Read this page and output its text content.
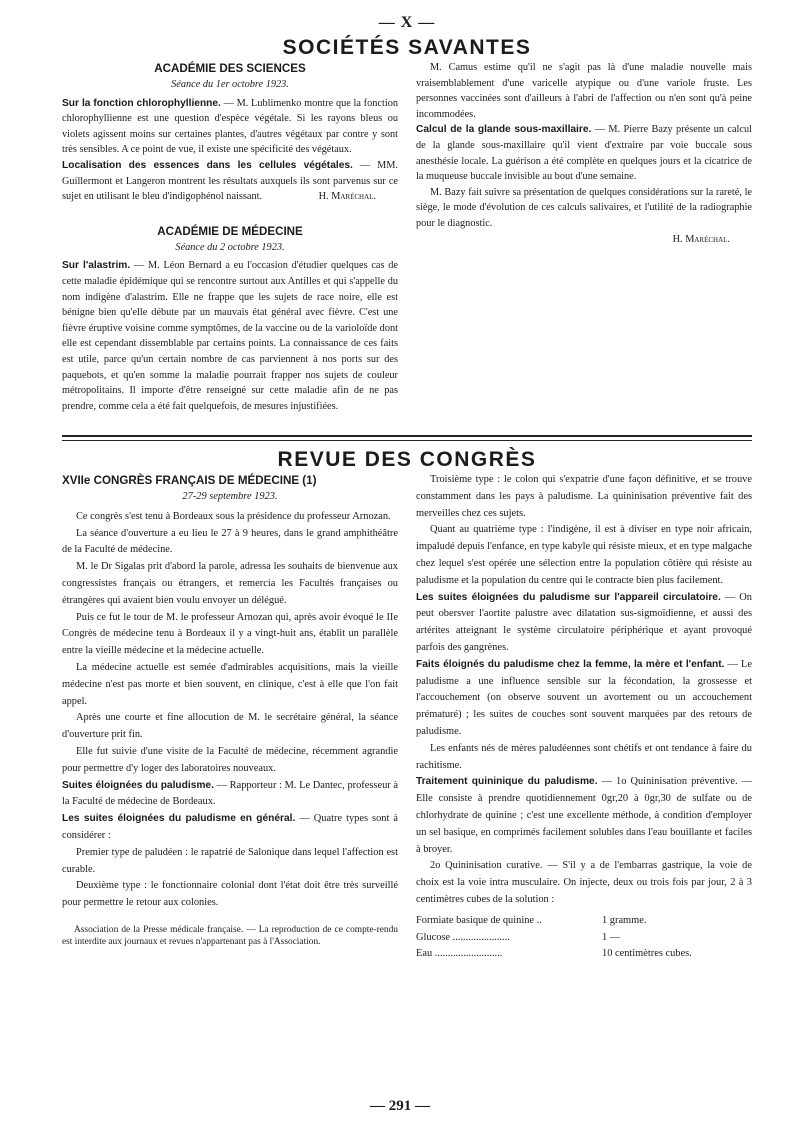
— X —
SOCIÉTÉS SAVANTES
ACADÉMIE DES SCIENCES
Séance du 1er octobre 1923.

Sur la fonction chlorophyllienne. — M. Lublimenko montre que la fonction chlorophyllienne est une question d'espèce végétale. Si les rayons bleus ou violets agissent moins sur certaines plantes, d'autres végétaux par contre y sont très sensibles. A ce point de vue, il existe une spécificité des végétaux.

Localisation des essences dans les cellules végétales. — MM. Guillermont et Langeron montrent les résultats auxquels ils sont parvenus sur ce sujet en utilisant le bleu d'indigophénol naissant.	H. Maréchal.

ACADÉMIE DE MÉDECINE
Séance du 2 octobre 1923.

Sur l'alastrim. — M. Léon Bernard a eu l'occasion d'étudier quelques cas de cette maladie épidémique qui se rencontre surtout aux Antilles et qui s'appelle du nom indigène d'alastrim. Elle ne frappe que les sujets de race noire, elle est bénigne bien qu'elle débute par un mauvais état général avec fièvre. C'est une fièvre éruptive voisine comme symptômes, de la vaccine ou de la varioloïde dont elle est cependant dissemblable par certains points. La connaissance de ces faits est utile, parce qu'un certain nombre de cas parviennent à nos ports sur des paquebots, et qu'en somme la maladie pourrait frapper nos sujets de couleur métropolitains. Il importe d'être renseigné sur cette maladie afin de ne pas prendre, comme cela a été fait quelquefois, de mesures injustifiées.

M. Camus estime qu'il ne s'agit pas là d'une maladie nouvelle mais vraisemblablement d'une varicelle atypique ou d'une variole fruste. Les personnes vaccinées sont d'ailleurs à l'abri de l'affection ou n'en sont qu'à peine incommodées.

Calcul de la glande sous-maxillaire. — M. Pierre Bazy présente un calcul de la glande sous-maxillaire qu'il vient d'extraire par voie buccale sous anesthésie locale. La guérison a été complète en quelques jours et la cicatrice de la muqueuse buccale invisible au bout d'une semaine.

M. Bazy fait suivre sa présentation de quelques considérations sur la rareté, le siège, le mode d'évolution de ces calculs salivaires, et l'utilité de la radiographie pour le diagnostic.

H. Maréchal.
REVUE DES CONGRÈS
XVIIe CONGRÈS FRANÇAIS DE MÉDECINE (1)
27-29 septembre 1923.

Ce congrès s'est tenu à Bordeaux sous la présidence du professeur Arnozan.

La séance d'ouverture a eu lieu le 27 à 9 heures, dans le grand amphithéâtre de la Faculté de médecine.

M. le Dr Sigalas prit d'abord la parole, adressa les souhaits de bienvenue aux congressistes français ou étrangers, et remercia les Facultés françaises ou étrangères qui avaient bien voulu envoyer un délégué.

Puis ce fut le tour de M. le professeur Arnozan qui, après avoir évoqué le IIe Congrès de médecine tenu à Bordeaux il y a vingt-huit ans, établit un parallèle entre la vieille médecine et la médecine actuelle.

La médecine actuelle est semée d'admirables acquisitions, mais la vieille médecine n'est pas morte et bien souvent, en clinique, c'est à elle que l'on fait appel.

Après une courte et fine allocution de M. le secrétaire général, la séance d'ouverture prit fin.

Elle fut suivie d'une visite de la Faculté de médecine, récemment agrandie pour permettre d'y loger des laboratoires nouveaux.

Suites éloignées du paludisme. — Rapporteur : M. Le Dantec, professeur à la Faculté de médecine de Bordeaux.

Les suites éloignées du paludisme en général. — Quatre types sont à considérer :

Premier type de paludéen : le rapatrié de Salonique dans lequel l'affection est curable.

Deuxième type : le fonctionnaire colonial dont l'état doit être très surveillé pour permettre le retour aux colonies.

Association de la Presse médicale française. — La reproduction de ce compte-rendu est interdite aux journaux et revues n'appartenant pas à l'Association.

Troisième type : le colon qui s'expatrie d'une façon définitive, et se trouve constamment dans les pays à paludisme. La quininisation préventive fait des merveilles chez ces sujets.

Quant au quatrième type : l'indigène, il est à diviser en type noir africain, impaludé depuis l'enfance, en type kabyle qui résiste mieux, et en type malgache chez lequel s'est opérée une sélection entre la population côtière qui résiste au paludisme et la population du centre qui le contracte bien plus facilement.

Les suites éloignées du paludisme sur l'appareil circulatoire. — On peut obersver l'aortite palustre avec dilatation sus-sigmoïdienne, et aussi des artérites atteignant le système circulatoire périphérique et ayant provoqué parfois des gangrènes.

Faits éloignés du paludisme chez la femme, la mère et l'enfant. — Le paludisme a une influence sensible sur la fécondation, la grossesse et l'accouchement (on observe souvent un avortement ou un accouchement prématuré) ; les suites de couches sont souvent marquées par des retours de paludisme.

Les enfants nés de mères paludéennes sont chétifs et ont tendance à faire du rachitisme.

Traitement quininique du paludisme. — 1o Quininisation préventive. — Elle consiste à prendre quotidiennement 0gr,20 à 0gr,30 de sulfate ou de chlorhydrate de quinine ; c'est une excellente méthode, à condition d'employer un sel basique, en comprimés facilement solubles dans l'eau bouillante et faciles à broyer.

2o Quininisation curative. — S'il y a de l'embarras gastrique, la voie de choix est la voie intra musculaire. On injecte, deux ou trois fois par jour, 2 à 3 centimètres cubes de la solution :

Formiate basique de quinine ..	1 gramme.
Glucose ......................	1 —
Eau ..........................	10 centimètres cubes.
— 291 —
